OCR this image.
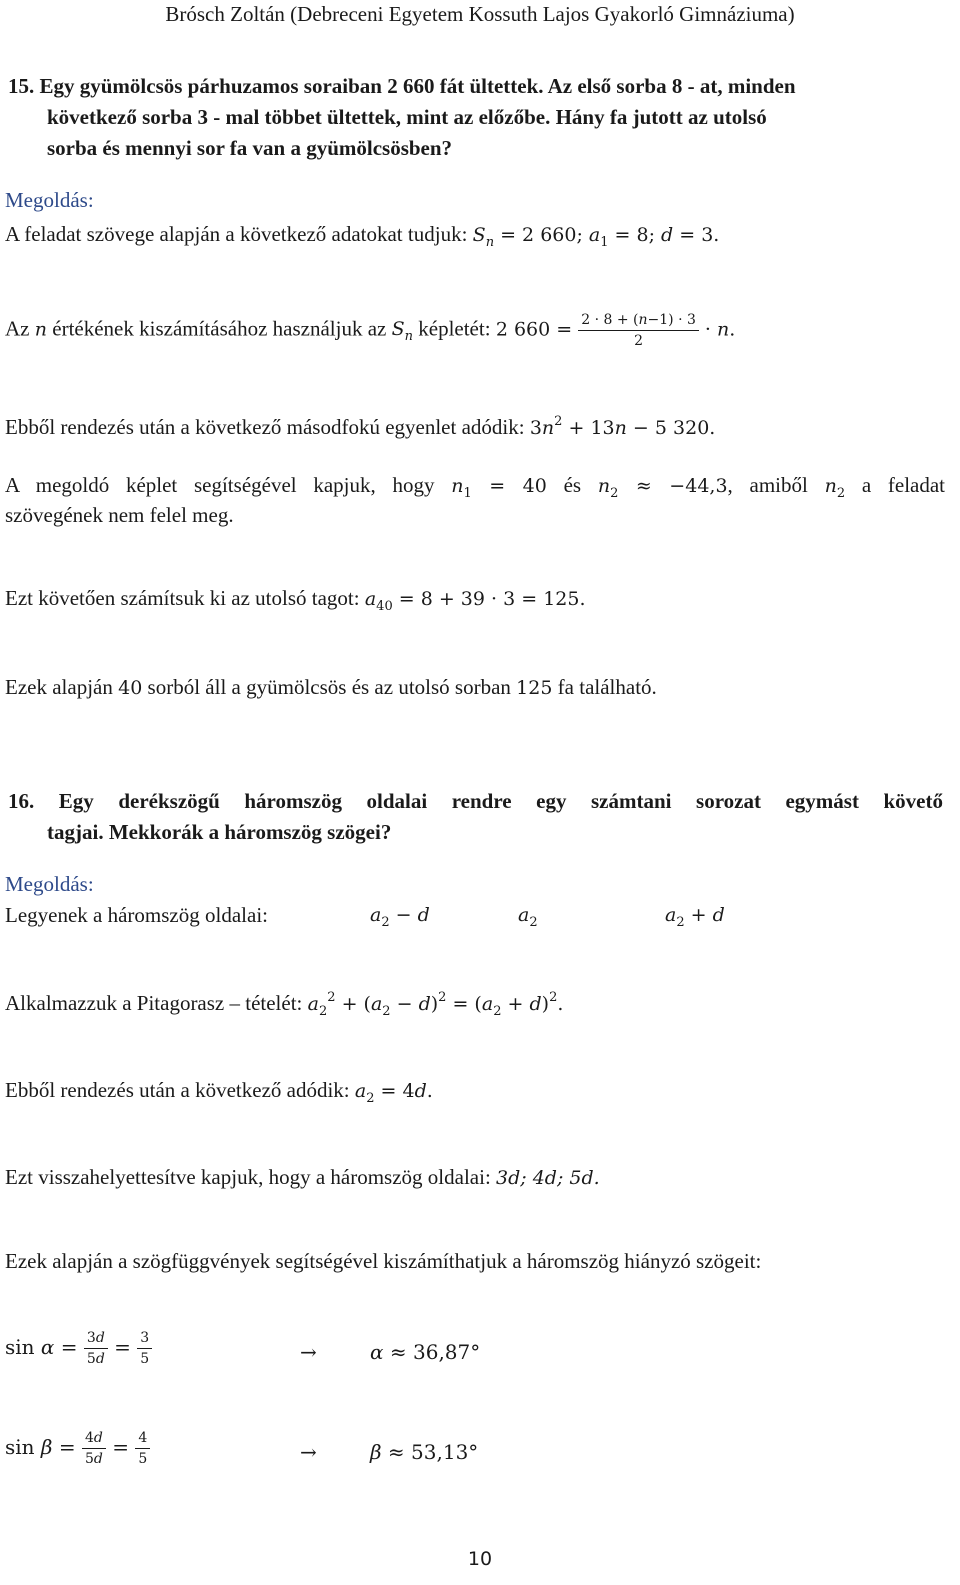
Brósch Zoltán (Debreceni Egyetem Kossuth Lajos Gyakorló Gimnáziuma)
15. Egy gyümölcsös párhuzamos soraiban 2 660 fát ültettek. Az első sorba 8 - at, minden
következő sorba 3 - mal többet ültettek, mint az előzőbe. Hány fa jutott az utolsó
sorba és mennyi sor fa van a gyümölcsösben?
Megoldás:
A feladat szövege alapján a következő adatokat tudjuk: $S_n = 2$ 660; $a_1 = 8$; d = 3.
Az n értékének kiszámításához használjuk az $S_n$ képletét: 2 $660 = \frac{2 \cdot 8 + (n-1) \cdot 3}{2} \cdot n$.
Ebből rendezés után a következő másodfokú egyenlet adódik: $3n^2 + 13n - 5$ 320.
A megoldó képlet segítségével kapjuk, hogy $n_1 = 40$ és $n_2 \approx -44,3$, amiből $n_2$ a feladat
szövegének nem felel meg.
Ezt követően számítsuk ki az utolsó tagot: $a_{40} = 8 + 39 \cdot 3 = 125$.
Ezek alapján 40 sorból áll a gyümölcsös és az utolsó sorban 125 fa található.
16. Egy derékszögű háromszög oldalai rendre egy számtani sorozat egymást követő
tagjai. Mekkorák a háromszög szögei?
Megoldás:
Legyenek a háromszög oldalai:	$a_2 - d$	$a_2$	$a_2 + d$
Alkalmazzuk a Pitagorasz – tételét: $a_2^2 + (a_2 - d)^2 = (a_2 + d)^2$.
Ebből rendezés után a következő adódik: $a_2 = 4d$.
Ezt visszahelyettesítve kapjuk, hogy a háromszög oldalai: 3d; 4d; 5d.
Ezek alapján a szögfüggvények segítségével kiszámíthatjuk a háromszög hiányzó szögeit:
$\sin \alpha = \frac{3d}{5d} = \frac{3}{5}$	→	α ≈ 36,87°
$\sin \beta = \frac{4d}{5d} = \frac{4}{5}$	→	β ≈ 53,13°
10
